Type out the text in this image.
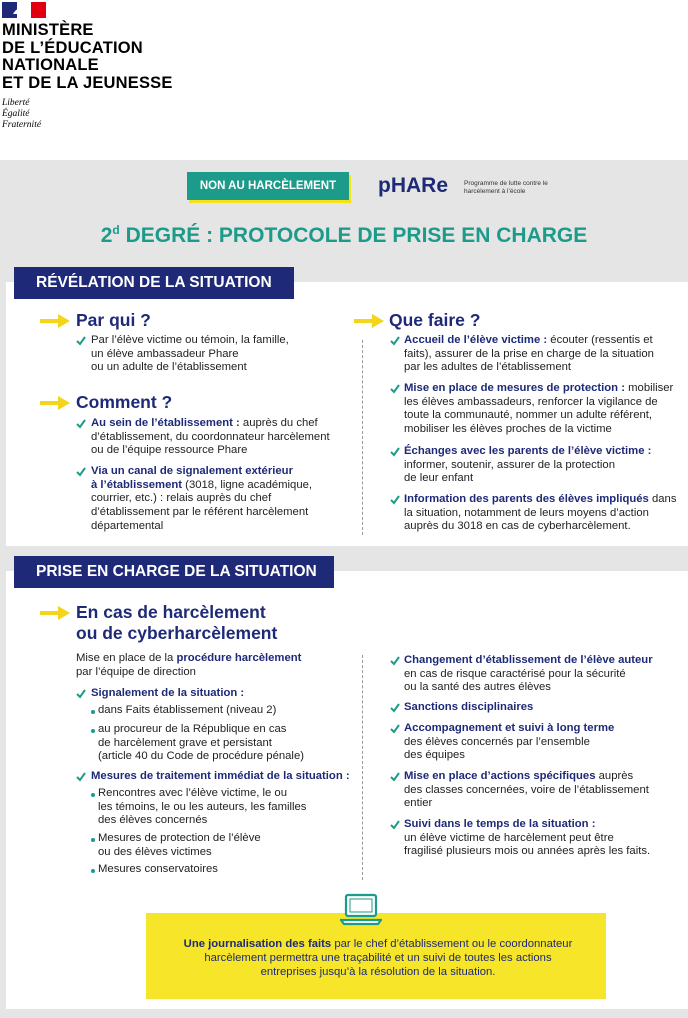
MINISTÈRE
DE L’ÉDUCATION
NATIONALE
ET DE LA JEUNESSE
Liberté
Égalité
Fraternité
NON AU HARCÈLEMENT	pHARe Programme de lutte contre le harcèlement à l’école
2$^d$ DEGRÉ : PROTOCOLE DE PRISE EN CHARGE
RÉVÉLATION DE LA SITUATION
Par qui ?
Par l’élève victime ou témoin, la famille,
un élève ambassadeur Phare
ou un adulte de l’établissement
Comment ?
Au sein de l’établissement : auprès du chef
d’établissement, du coordonnateur harcèlement
ou de l’équipe ressource Phare
Via un canal de signalement extérieur
à l’établissement (3018, ligne académique,
courrier, etc.) : relais auprès du chef
d’établissement par le référent harcèlement
départemental
Que faire ?
Accueil de l’élève victime : écouter (ressentis et
faits), assurer de la prise en charge de la situation
par les adultes de l’établissement
Mise en place de mesures de protection : mobiliser
les élèves ambassadeurs, renforcer la vigilance de
toute la communauté, nommer un adulte référent,
mobiliser les élèves proches de la victime
Échanges avec les parents de l’élève victime :
informer, soutenir, assurer de la protection
de leur enfant
Information des parents des élèves impliqués dans
la situation, notamment de leurs moyens d’action
auprès du 3018 en cas de cyberharcèlement.
PRISE EN CHARGE DE LA SITUATION
En cas de harcèlement
ou de cyberharcèlement
Mise en place de la procédure harcèlement
par l’équipe de direction
Signalement de la situation :
dans Faits établissement (niveau 2)
au procureur de la République en cas
de harcèlement grave et persistant
(article 40 du Code de procédure pénale)
Mesures de traitement immédiat de la situation :
Rencontres avec l’élève victime, le ou
les témoins, le ou les auteurs, les familles
des élèves concernés
Mesures de protection de l’élève
ou des élèves victimes
Mesures conservatoires
Changement d’établissement de l’élève auteur
en cas de risque caractérisé pour la sécurité
ou la santé des autres élèves
Sanctions disciplinaires
Accompagnement et suivi à long terme
des élèves concernés par l’ensemble
des équipes
Mise en place d’actions spécifiques auprès
des classes concernées, voire de l’établissement
entier
Suivi dans le temps de la situation :
un élève victime de harcèlement peut être
fragilisé plusieurs mois ou années après les faits.
Une journalisation des faits par le chef d’établissement ou le coordonnateur
harcèlement permettra une traçabilité et un suivi de toutes les actions
entreprises jusqu’à la résolution de la situation.
